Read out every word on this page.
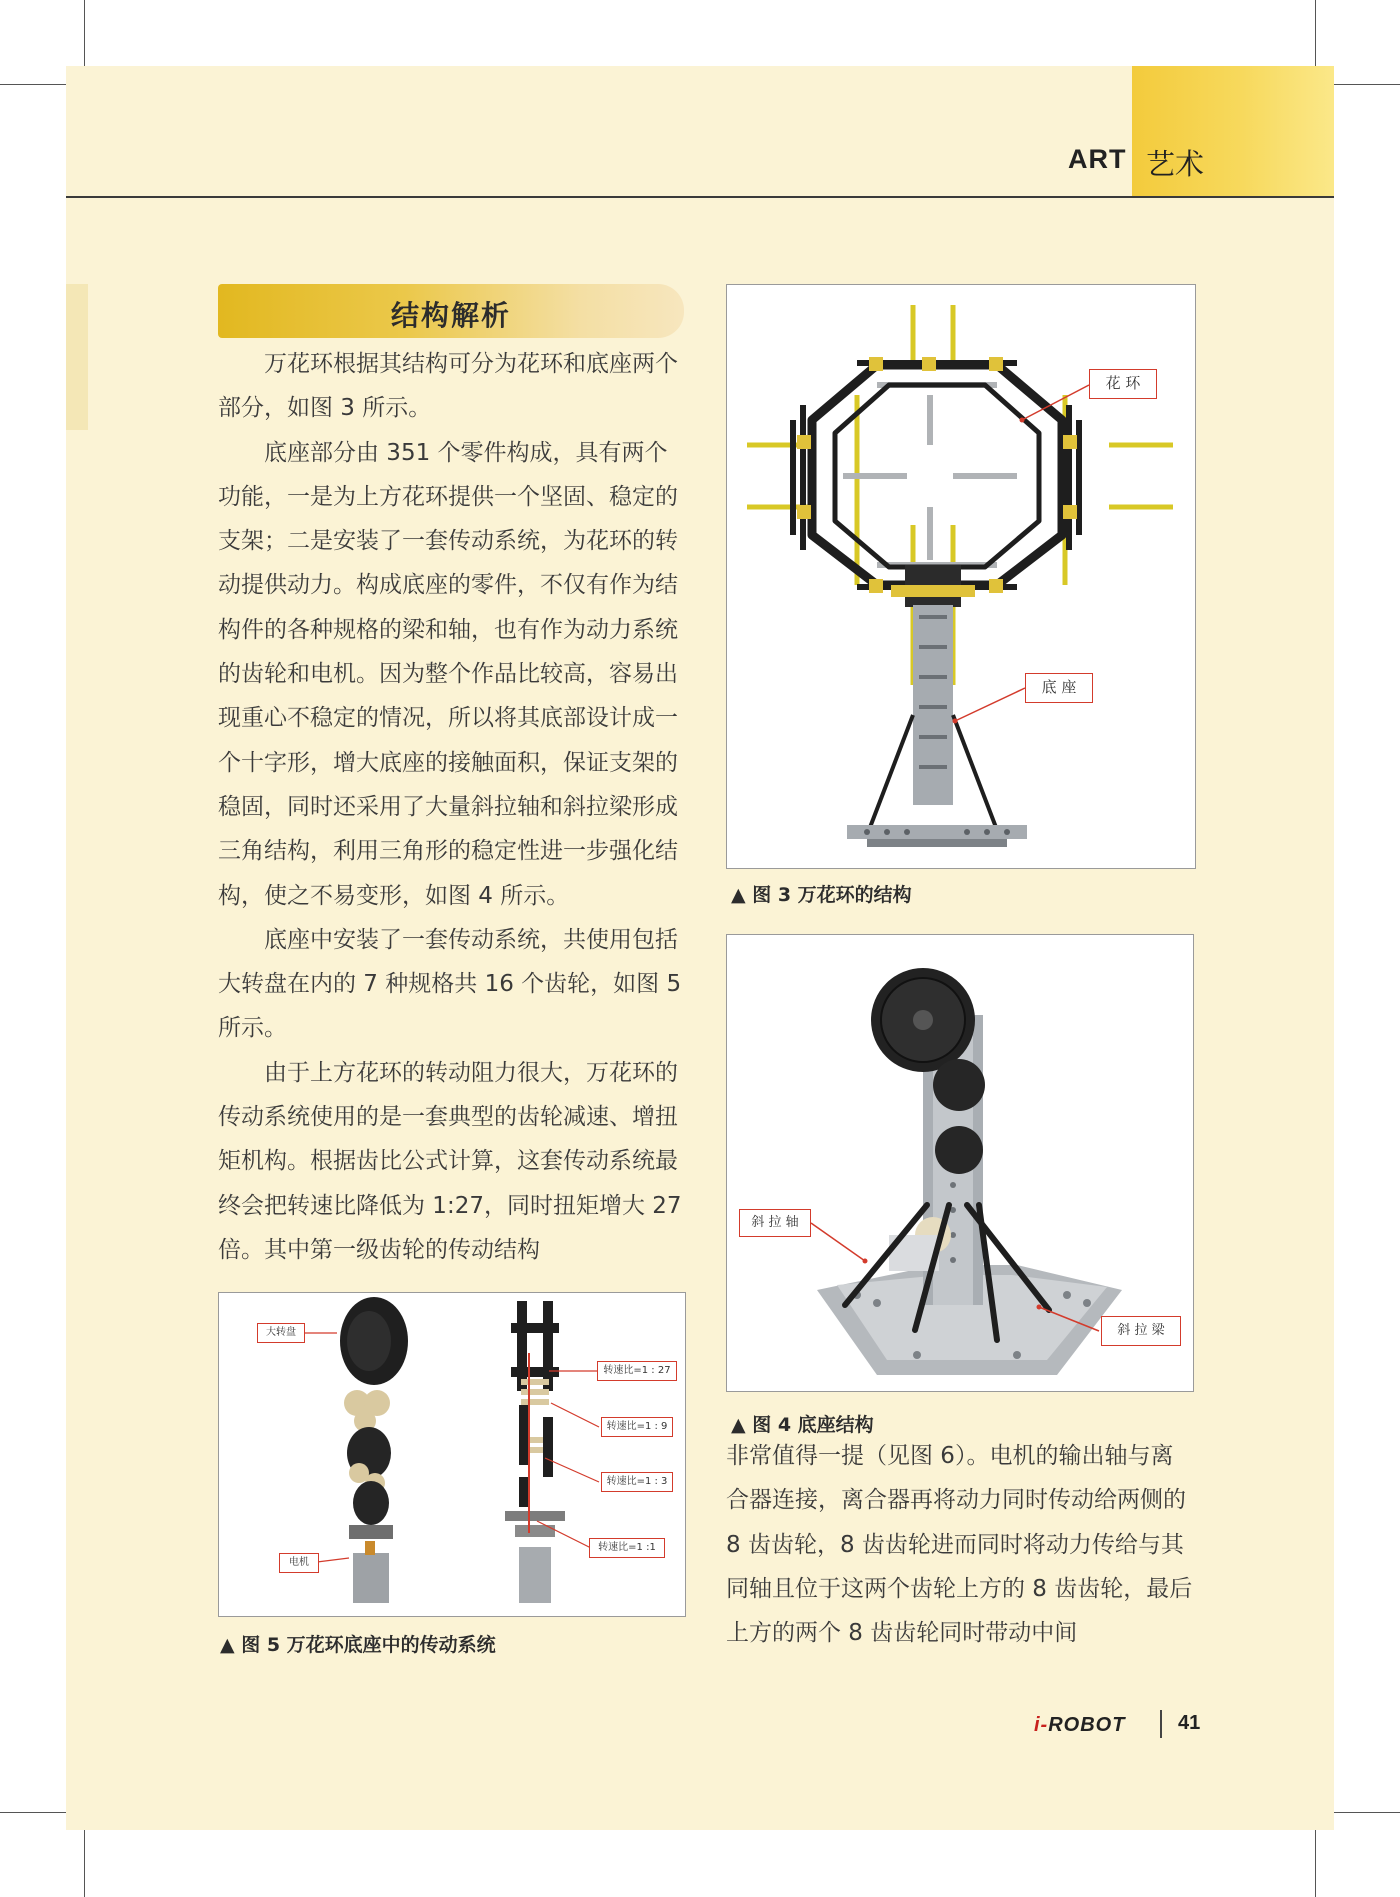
ART 艺术
结构解析

万花环根据其结构可分为花环和底座两个部分，如图 3 所示。

底座部分由 351 个零件构成，具有两个功能，一是为上方花环提供一个坚固、稳定的支架；二是安装了一套传动系统，为花环的转动提供动力。构成底座的零件，不仅有作为结构件的各种规格的梁和轴，也有作为动力系统的齿轮和电机。因为整个作品比较高，容易出现重心不稳定的情况，所以将其底部设计成一个十字形，增大底座的接触面积，保证支架的稳固，同时还采用了大量斜拉轴和斜拉梁形成三角结构，利用三角形的稳定性进一步强化结构，使之不易变形，如图 4 所示。

底座中安装了一套传动系统，共使用包括大转盘在内的 7 种规格共 16 个齿轮，如图 5 所示。

由于上方花环的转动阻力很大，万花环的传动系统使用的是一套典型的齿轮减速、增扭矩机构。根据齿比公式计算，这套传动系统最终会把转速比降低为 1:27，同时扭矩增大 27 倍。其中第一级齿轮的传动结构

花 环
底 座
▲ 图 3 万花环的结构
斜 拉 轴
斜 拉 梁
▲ 图 4 底座结构
大转盘
电机
转速比=1 : 27
转速比=1 : 9
转速比=1 : 3
转速比=1 :1
▲ 图 5 万花环底座中的传动系统

非常值得一提（见图 6）。电机的输出轴与离合器连接，离合器再将动力同时传动给两侧的 8 齿齿轮，8 齿齿轮进而同时将动力传给与其同轴且位于这两个齿轮上方的 8 齿齿轮，最后上方的两个 8 齿齿轮同时带动中间

i-ROBOT	41
